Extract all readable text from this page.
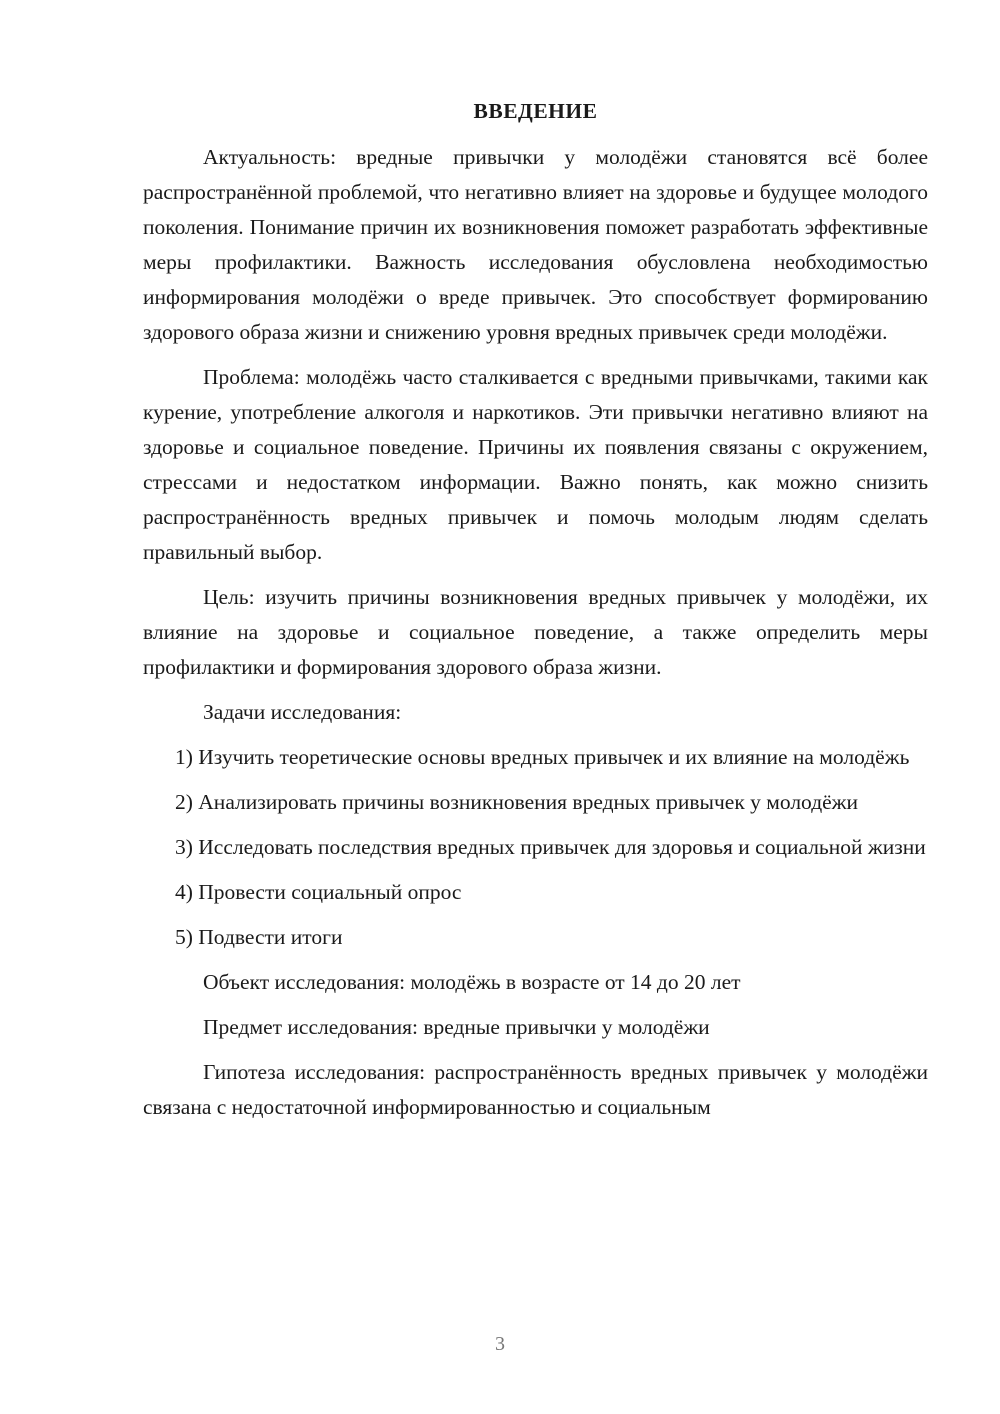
ВВЕДЕНИЕ

Актуальность: вредные привычки у молодёжи становятся всё более распространённой проблемой, что негативно влияет на здоровье и будущее молодого поколения. Понимание причин их возникновения поможет разработать эффективные меры профилактики. Важность исследования обусловлена необходимостью информирования молодёжи о вреде привычек. Это способствует формированию здорового образа жизни и снижению уровня вредных привычек среди молодёжи.

Проблема: молодёжь часто сталкивается с вредными привычками, такими как курение, употребление алкоголя и наркотиков. Эти привычки негативно влияют на здоровье и социальное поведение. Причины их появления связаны с окружением, стрессами и недостатком информации. Важно понять, как можно снизить распространённость вредных привычек и помочь молодым людям сделать правильный выбор.

Цель: изучить причины возникновения вредных привычек у молодёжи, их влияние на здоровье и социальное поведение, а также определить меры профилактики и формирования здорового образа жизни.

Задачи исследования:

1) Изучить теоретические основы вредных привычек и их влияние на молодёжь

2) Анализировать причины возникновения вредных привычек у молодёжи

3) Исследовать последствия вредных привычек для здоровья и социальной жизни

4) Провести социальный опрос

5) Подвести итоги

Объект исследования: молодёжь в возрасте от 14 до 20 лет

Предмет исследования: вредные привычки у молодёжи

Гипотеза исследования: распространённость вредных привычек у молодёжи связана с недостаточной информированностью и социальным

3
